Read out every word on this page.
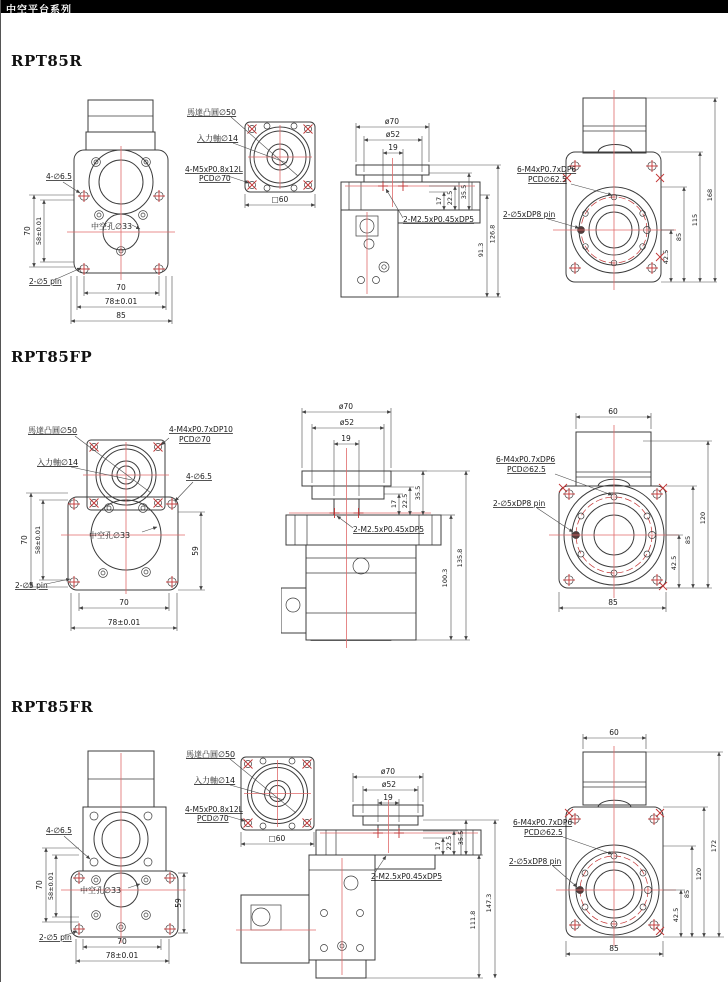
中空平台系列
RPT85R
RPT85FP
RPT85FR
70 58±0.01
70
78±0.01
85
4-∅6.5
中空孔∅33
2-∅5 pin
馬達凸圓∅50
入力軸∅14
4-M5xP0.8x12L
PCD∅70
□60
ø70
ø52
19
17 22.5 35.5
91.3
126.8
2-M2.5xP0.45xDP5
6-M4xP0.7xDP6
PCD∅62.5
2-∅5xDP8 pin
42.5
85
115
168
馬達凸圓∅50
入力軸∅14
4-M4xP0.7xDP10
PCD∅70
4-∅6.5
中空孔∅33
2-∅5 pin
70 58±0.01	59
70
78±0.01
ø70
ø52
19
17 22.5
35.5
100.3
135.8
2-M2.5xP0.45xDP5
60
42.5
85
120
85
6-M4xP0.7xDP6
PCD∅62.5
2-∅5xDP8 pin
4-∅6.5
中空孔∅33
2-∅5 pin
70 58±0.01
59
70
78±0.01
馬達凸圓∅50
入力軸∅14
4-M5xP0.8x12L
PCD∅70
□60
ø70
ø52
19
17 22.5 35.5
111.8
147.3
2-M2.5xP0.45xDP5
60
42.5
85
120
172
85
6-M4xP0.7xDP6
PCD∅62.5
2-∅5xDP8 pin
